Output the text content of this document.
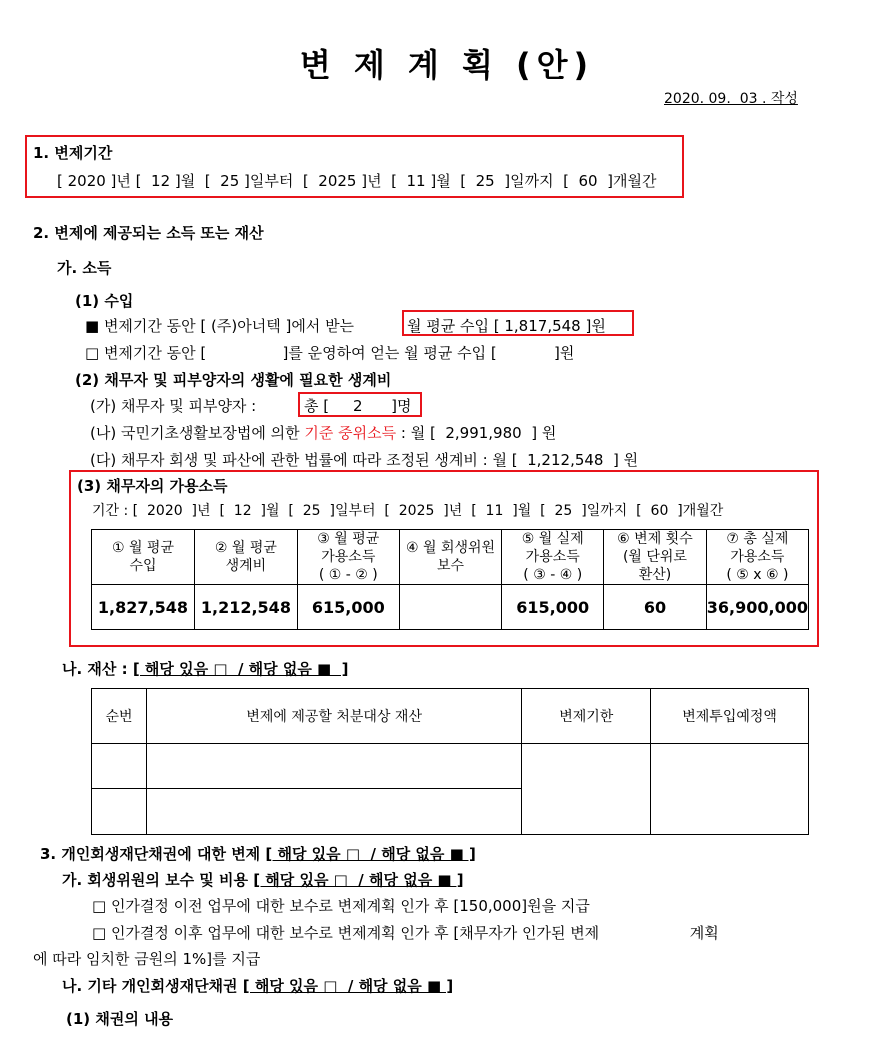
변 제 계 획 (안)
2020. 09.  03 . 작성
1. 변제기간
[ 2020 ]년 [  12 ]월  [  25 ]일부터  [  2025 ]년  [  11 ]월  [  25  ]일까지  [  60  ]개월간
2. 변제에 제공되는 소득 또는 재산
가. 소득
(1) 수입
■ 변제기간 동안 [ (주)아너텍 ]에서 받는	월 평균 수입 [ 1,817,548 ]원
□ 변제기간 동안 [                ]를 운영하여 얻는 월 평균 수입 [            ]원
(2) 채무자 및 피부양자의 생활에 필요한 생계비
(가) 채무자 및 피부양자 :	총 [     2      ]명
(나) 국민기초생활보장법에 의한 기준 중위소득 : 월 [  2,991,980  ] 원
(다) 채무자 회생 및 파산에 관한 법률에 따라 조정된 생계비 : 월 [  1,212,548  ] 원
(3) 채무자의 가용소득
기간 : [  2020  ]년  [  12  ]월  [  25  ]일부터  [  2025  ]년  [  11  ]월  [  25  ]일까지  [  60  ]개월간
① 월 평균
수입	② 월 평균
생계비	③ 월 평균
가용소득
( ① - ② )	④ 월 회생위원
보수	⑤ 월 실제
가용소득
( ③ - ④ )	⑥ 변제 횟수
(월 단위로
환산)	⑦ 총 실제
가용소득
( ⑤ x ⑥ )
1,827,548	1,212,548	615,000		615,000	60	36,900,000
나. 재산 : [ 해당 있음 □  / 해당 없음 ■  ]
순번	변제에 제공할 처분대상 재산	변제기한	변제투입예정액

3. 개인회생재단채권에 대한 변제 [ 해당 있음 □  / 해당 없음 ■ ]
가. 회생위원의 보수 및 비용 [ 해당 있음 □  / 해당 없음 ■ ]
□ 인가결정 이전 업무에 대한 보수로 변제계획 인가 후 [150,000]원을 지급
□ 인가결정 이후 업무에 대한 보수로 변제계획 인가 후 [채무자가 인가된 변제                   계획
에 따라 임치한 금원의 1%]를 지급
나. 기타 개인회생재단채권 [ 해당 있음 □  / 해당 없음 ■ ]
(1) 채권의 내용
